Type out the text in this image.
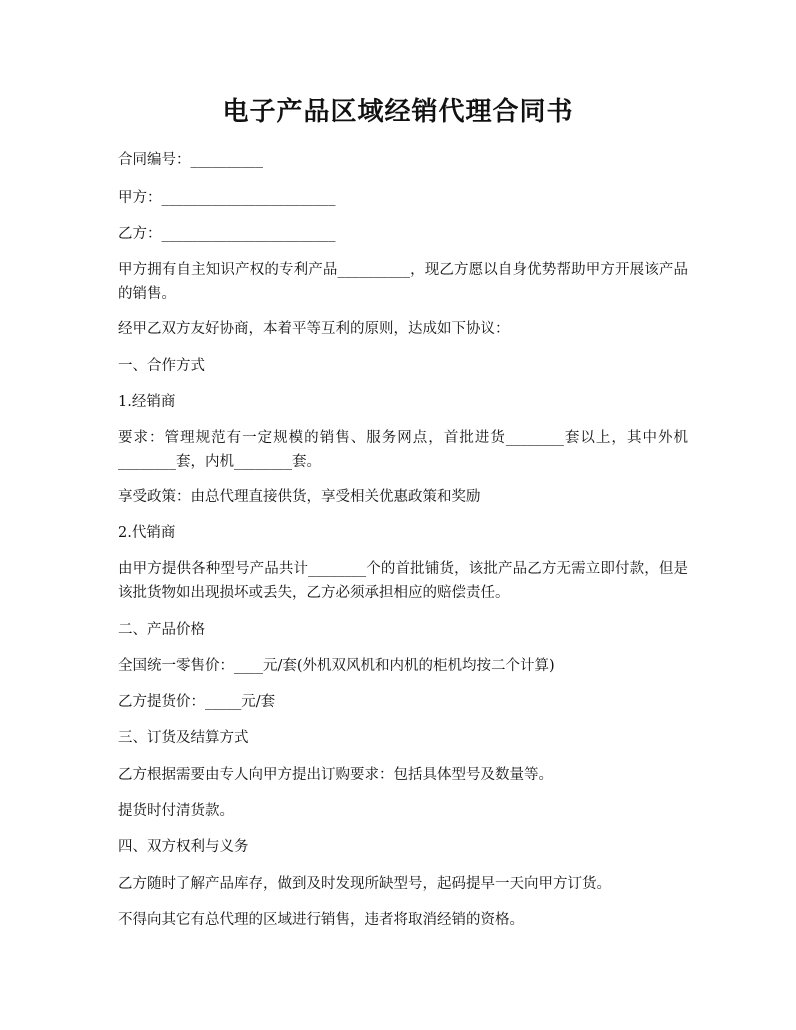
电子产品区域经销代理合同书

合同编号：__________

甲方：________________________

乙方：________________________

甲方拥有自主知识产权的专利产品__________，现乙方愿以自身优势帮助甲方开展该产品的销售。

经甲乙双方友好协商，本着平等互利的原则，达成如下协议：

一、合作方式

1.经销商

要求：管理规范有一定规模的销售、服务网点，首批进货________套以上，其中外机________套，内机________套。

享受政策：由总代理直接供货，享受相关优惠政策和奖励

2.代销商

由甲方提供各种型号产品共计________个的首批铺货，该批产品乙方无需立即付款，但是该批货物如出现损坏或丢失，乙方必须承担相应的赔偿责任。

二、产品价格

全国统一零售价：____元/套(外机双风机和内机的柜机均按二个计算)

乙方提货价：_____元/套

三、订货及结算方式

乙方根据需要由专人向甲方提出订购要求：包括具体型号及数量等。

提货时付清货款。

四、双方权利与义务

乙方随时了解产品库存，做到及时发现所缺型号，起码提早一天向甲方订货。

不得向其它有总代理的区域进行销售，违者将取消经销的资格。
